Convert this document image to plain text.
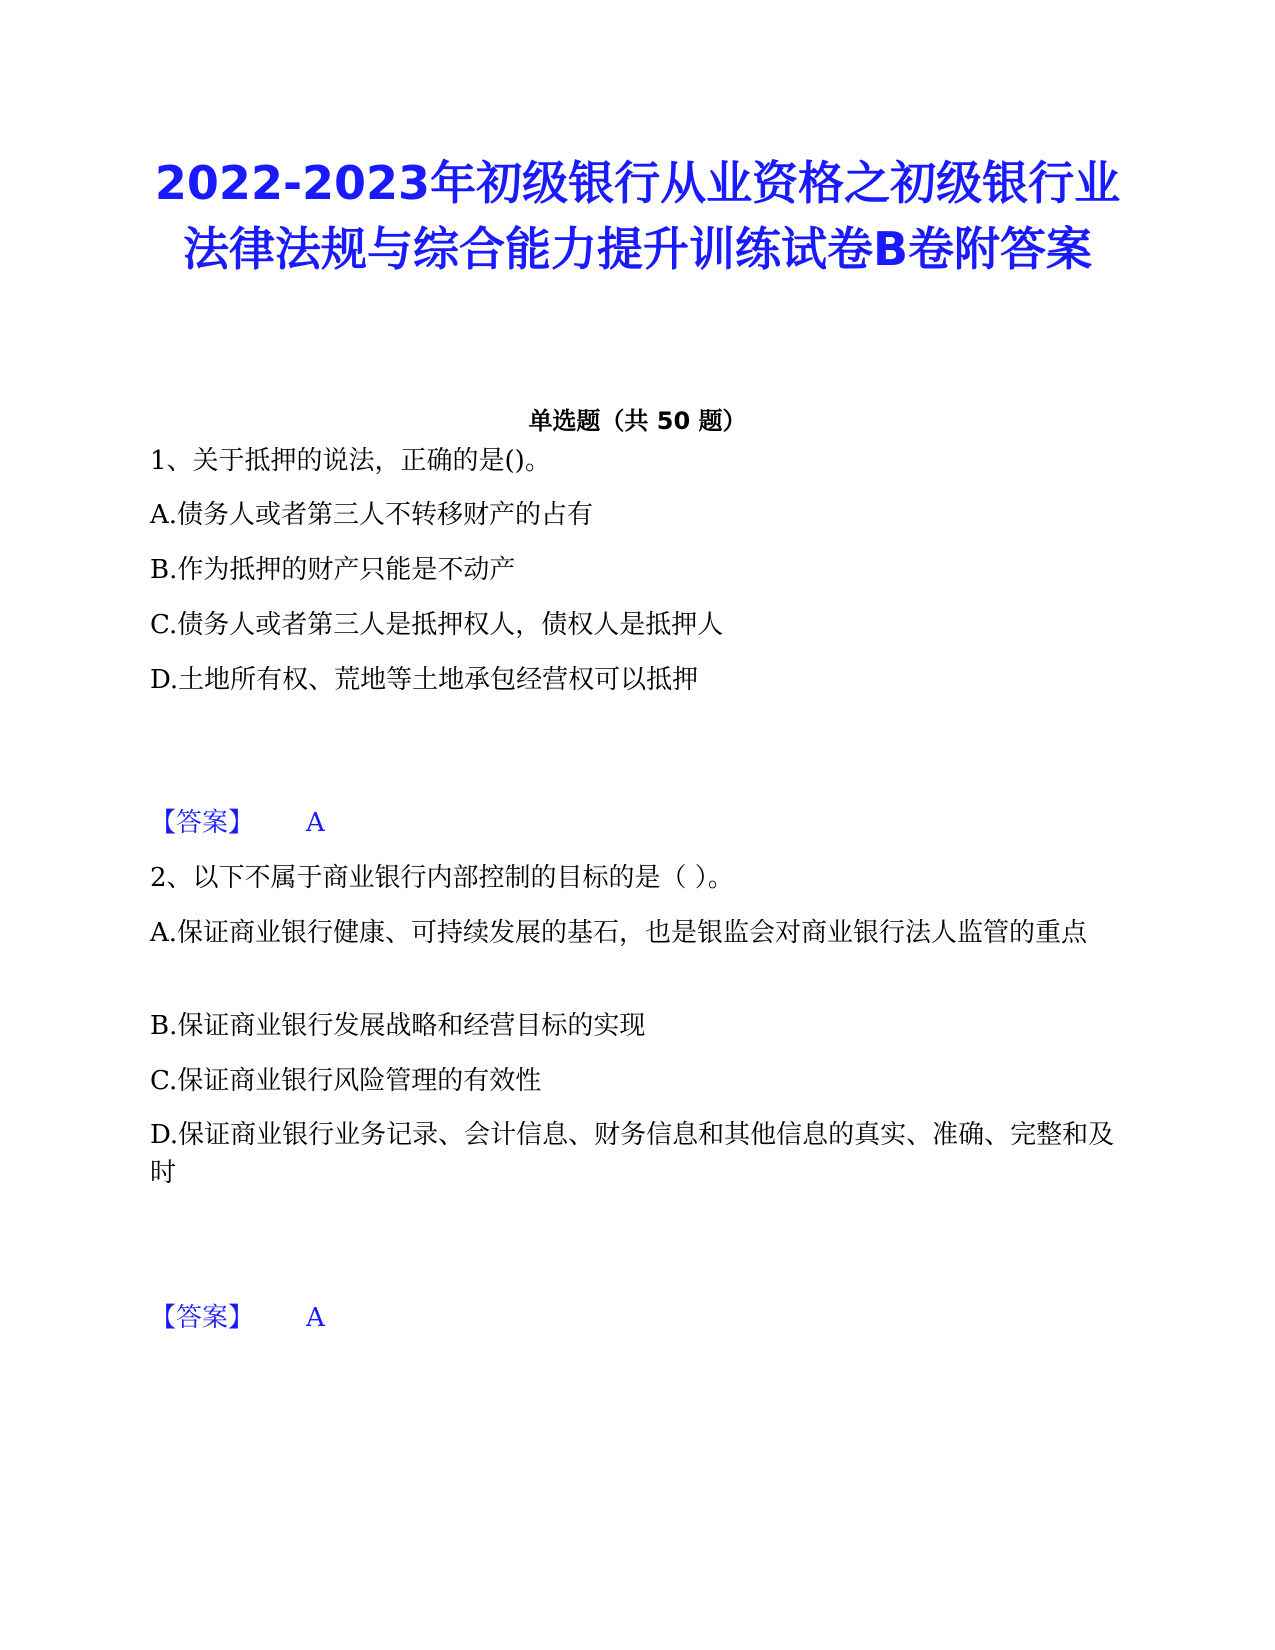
2022-2023年初级银行从业资格之初级银行业法律法规与综合能力提升训练试卷B卷附答案
单选题（共 50 题）

1、关于抵押的说法，正确的是()。

A.债务人或者第三人不转移财产的占有

B.作为抵押的财产只能是不动产

C.债务人或者第三人是抵押权人，债权人是抵押人

D.土地所有权、荒地等土地承包经营权可以抵押

【答案】 A

2、以下不属于商业银行内部控制的目标的是（ ）。

A.保证商业银行健康、可持续发展的基石，也是银监会对商业银行法人监管的重点

B.保证商业银行发展战略和经营目标的实现

C.保证商业银行风险管理的有效性

D.保证商业银行业务记录、会计信息、财务信息和其他信息的真实、准确、完整和及时

【答案】 A
